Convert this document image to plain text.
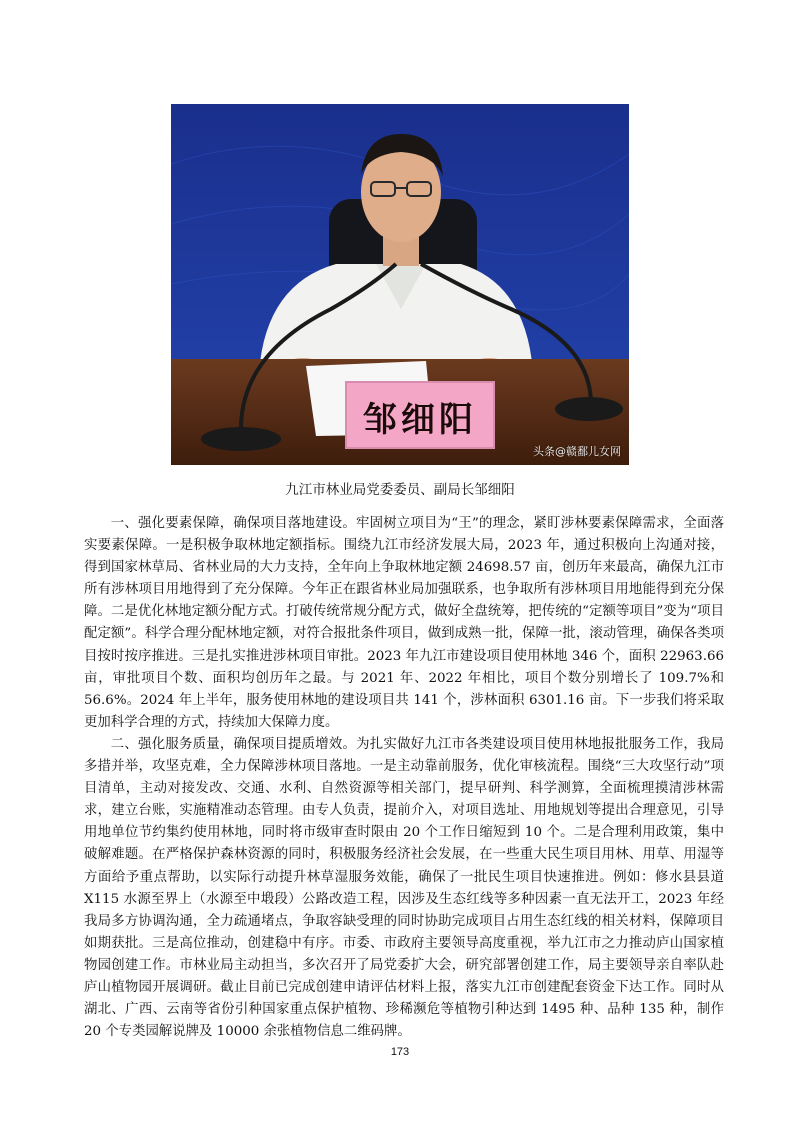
邹细阳
头条@赣鄱儿女网
九江市林业局党委委员、副局长邹细阳

一、强化要素保障，确保项目落地建设。牢固树立项目为“王”的理念，紧盯涉林要素保障需求，全面落实要素保障。一是积极争取林地定额指标。围绕九江市经济发展大局，2023 年，通过积极向上沟通对接，得到国家林草局、省林业局的大力支持，全年向上争取林地定额 24698.57 亩，创历年来最高，确保九江市所有涉林项目用地得到了充分保障。今年正在跟省林业局加强联系，也争取所有涉林项目用地能得到充分保障。二是优化林地定额分配方式。打破传统常规分配方式，做好全盘统筹，把传统的“定额等项目”变为“项目配定额”。科学合理分配林地定额，对符合报批条件项目，做到成熟一批，保障一批，滚动管理，确保各类项目按时按序推进。三是扎实推进涉林项目审批。2023 年九江市建设项目使用林地 346 个，面积 22963.66 亩，审批项目个数、面积均创历年之最。与 2021 年、2022 年相比，项目个数分别增长了 109.7%和 56.6%。2024 年上半年，服务使用林地的建设项目共 141 个，涉林面积 6301.16 亩。下一步我们将采取更加科学合理的方式，持续加大保障力度。

二、强化服务质量，确保项目提质增效。为扎实做好九江市各类建设项目使用林地报批服务工作，我局多措并举，攻坚克难，全力保障涉林项目落地。一是主动靠前服务，优化审核流程。围绕“三大攻坚行动”项目清单，主动对接发改、交通、水利、自然资源等相关部门，提早研判、科学测算，全面梳理摸清涉林需求，建立台账，实施精准动态管理。由专人负责，提前介入，对项目选址、用地规划等提出合理意见，引导用地单位节约集约使用林地，同时将市级审查时限由 20 个工作日缩短到 10 个。二是合理利用政策，集中破解难题。在严格保护森林资源的同时，积极服务经济社会发展，在一些重大民生项目用林、用草、用湿等方面给予重点帮助，以实际行动提升林草湿服务效能，确保了一批民生项目快速推进。例如：修水县县道 X115 水源至界上（水源至中塅段）公路改造工程，因涉及生态红线等多种因素一直无法开工，2023 年经我局多方协调沟通，全力疏通堵点，争取容缺受理的同时协助完成项目占用生态红线的相关材料，保障项目如期获批。三是高位推动，创建稳中有序。市委、市政府主要领导高度重视，举九江市之力推动庐山国家植物园创建工作。市林业局主动担当，多次召开了局党委扩大会，研究部署创建工作，局主要领导亲自率队赴庐山植物园开展调研。截止目前已完成创建申请评估材料上报，落实九江市创建配套资金下达工作。同时从湖北、广西、云南等省份引种国家重点保护植物、珍稀濒危等植物引种达到 1495 种、品种 135 种，制作 20 个专类园解说牌及 10000 余张植物信息二维码牌。

173
